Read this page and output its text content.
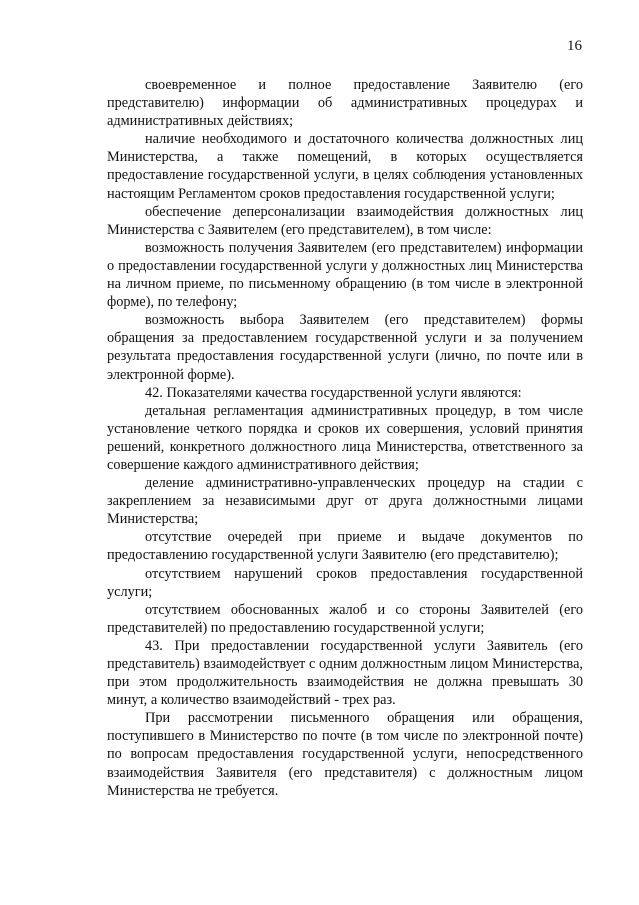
16

своевременное и полное предоставление Заявителю (его представителю) информации об административных процедурах и административных действиях;

наличие необходимого и достаточного количества должностных лиц Министерства, а также помещений, в которых осуществляется предоставление государственной услуги, в целях соблюдения установленных настоящим Регламентом сроков предоставления государственной услуги;

обеспечение деперсонализации взаимодействия должностных лиц Министерства с Заявителем (его представителем), в том числе:

возможность получения Заявителем (его представителем) информации о предоставлении государственной услуги у должностных лиц Министерства на личном приеме, по письменному обращению (в том числе в электронной форме), по телефону;

возможность выбора Заявителем (его представителем) формы обращения за предоставлением государственной услуги и за получением результата предоставления государственной услуги (лично, по почте или в электронной форме).

42. Показателями качества государственной услуги являются:

детальная регламентация административных процедур, в том числе установление четкого порядка и сроков их совершения, условий принятия решений, конкретного должностного лица Министерства, ответственного за совершение каждого административного действия;

деление административно-управленческих процедур на стадии с закреплением за независимыми друг от друга должностными лицами Министерства;

отсутствие очередей при приеме и выдаче документов по предоставлению государственной услуги Заявителю (его представителю);

отсутствием нарушений сроков предоставления государственной услуги;

отсутствием обоснованных жалоб и со стороны Заявителей (его представителей) по предоставлению государственной услуги;

43. При предоставлении государственной услуги Заявитель (его представитель) взаимодействует с одним должностным лицом Министерства, при этом продолжительность взаимодействия не должна превышать 30 минут, а количество взаимодействий - трех раз.

При рассмотрении письменного обращения или обращения, поступившего в Министерство по почте (в том числе по электронной почте) по вопросам предоставления государственной услуги, непосредственного взаимодействия Заявителя (его представителя) с должностным лицом Министерства не требуется.
